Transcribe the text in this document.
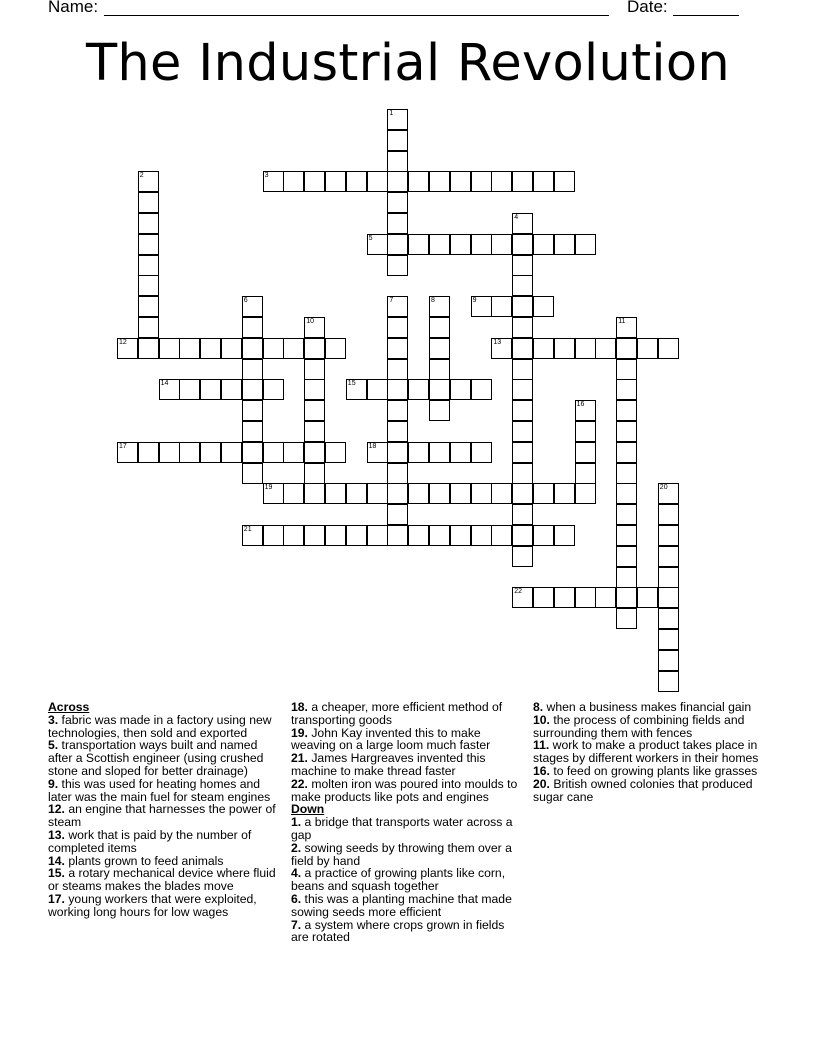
Name:	Date:
The Industrial Revolution
1
2	3
4
5
6	7	8	9
10	11
12	13
14	15
16
17	18
19	20
21
22
Across
3. fabric was made in a factory using new technologies, then sold and exported
5. transportation ways built and named after a Scottish engineer (using crushed stone and sloped for better drainage)
9. this was used for heating homes and later was the main fuel for steam engines
12. an engine that harnesses the power of steam
13. work that is paid by the number of completed items
14. plants grown to feed animals
15. a rotary mechanical device where fluid or steams makes the blades move
17. young workers that were exploited, working long hours for low wages
18. a cheaper, more efficient method of transporting goods
19. John Kay invented this to make weaving on a large loom much faster
21. James Hargreaves invented this machine to make thread faster
22. molten iron was poured into moulds to make products like pots and engines
Down
1. a bridge that transports water across a gap
2. sowing seeds by throwing them over a field by hand
4. a practice of growing plants like corn, beans and squash together
6. this was a planting machine that made sowing seeds more efficient
7. a system where crops grown in fields are rotated
8. when a business makes financial gain
10. the process of combining fields and surrounding them with fences
11. work to make a product takes place in stages by different workers in their homes
16. to feed on growing plants like grasses
20. British owned colonies that produced sugar cane
